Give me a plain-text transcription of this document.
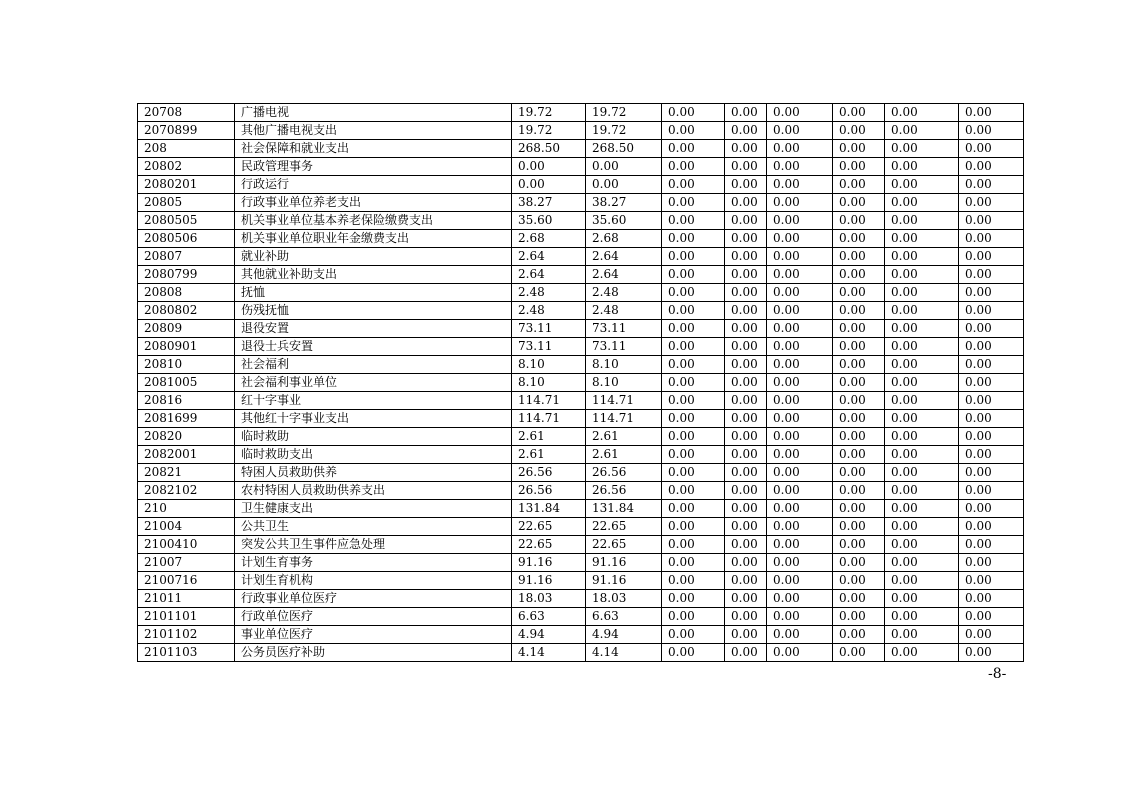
20708	广播电视	19.72	19.72	0.00	0.00	0.00	0.00	0.00	0.00
2070899	其他广播电视支出	19.72	19.72	0.00	0.00	0.00	0.00	0.00	0.00
208	社会保障和就业支出	268.50	268.50	0.00	0.00	0.00	0.00	0.00	0.00
20802	民政管理事务	0.00	0.00	0.00	0.00	0.00	0.00	0.00	0.00
2080201	行政运行	0.00	0.00	0.00	0.00	0.00	0.00	0.00	0.00
20805	行政事业单位养老支出	38.27	38.27	0.00	0.00	0.00	0.00	0.00	0.00
2080505	机关事业单位基本养老保险缴费支出	35.60	35.60	0.00	0.00	0.00	0.00	0.00	0.00
2080506	机关事业单位职业年金缴费支出	2.68	2.68	0.00	0.00	0.00	0.00	0.00	0.00
20807	就业补助	2.64	2.64	0.00	0.00	0.00	0.00	0.00	0.00
2080799	其他就业补助支出	2.64	2.64	0.00	0.00	0.00	0.00	0.00	0.00
20808	抚恤	2.48	2.48	0.00	0.00	0.00	0.00	0.00	0.00
2080802	伤残抚恤	2.48	2.48	0.00	0.00	0.00	0.00	0.00	0.00
20809	退役安置	73.11	73.11	0.00	0.00	0.00	0.00	0.00	0.00
2080901	退役士兵安置	73.11	73.11	0.00	0.00	0.00	0.00	0.00	0.00
20810	社会福利	8.10	8.10	0.00	0.00	0.00	0.00	0.00	0.00
2081005	社会福利事业单位	8.10	8.10	0.00	0.00	0.00	0.00	0.00	0.00
20816	红十字事业	114.71	114.71	0.00	0.00	0.00	0.00	0.00	0.00
2081699	其他红十字事业支出	114.71	114.71	0.00	0.00	0.00	0.00	0.00	0.00
20820	临时救助	2.61	2.61	0.00	0.00	0.00	0.00	0.00	0.00
2082001	临时救助支出	2.61	2.61	0.00	0.00	0.00	0.00	0.00	0.00
20821	特困人员救助供养	26.56	26.56	0.00	0.00	0.00	0.00	0.00	0.00
2082102	农村特困人员救助供养支出	26.56	26.56	0.00	0.00	0.00	0.00	0.00	0.00
210	卫生健康支出	131.84	131.84	0.00	0.00	0.00	0.00	0.00	0.00
21004	公共卫生	22.65	22.65	0.00	0.00	0.00	0.00	0.00	0.00
2100410	突发公共卫生事件应急处理	22.65	22.65	0.00	0.00	0.00	0.00	0.00	0.00
21007	计划生育事务	91.16	91.16	0.00	0.00	0.00	0.00	0.00	0.00
2100716	计划生育机构	91.16	91.16	0.00	0.00	0.00	0.00	0.00	0.00
21011	行政事业单位医疗	18.03	18.03	0.00	0.00	0.00	0.00	0.00	0.00
2101101	行政单位医疗	6.63	6.63	0.00	0.00	0.00	0.00	0.00	0.00
2101102	事业单位医疗	4.94	4.94	0.00	0.00	0.00	0.00	0.00	0.00
2101103	公务员医疗补助	4.14	4.14	0.00	0.00	0.00	0.00	0.00	0.00
-8-
